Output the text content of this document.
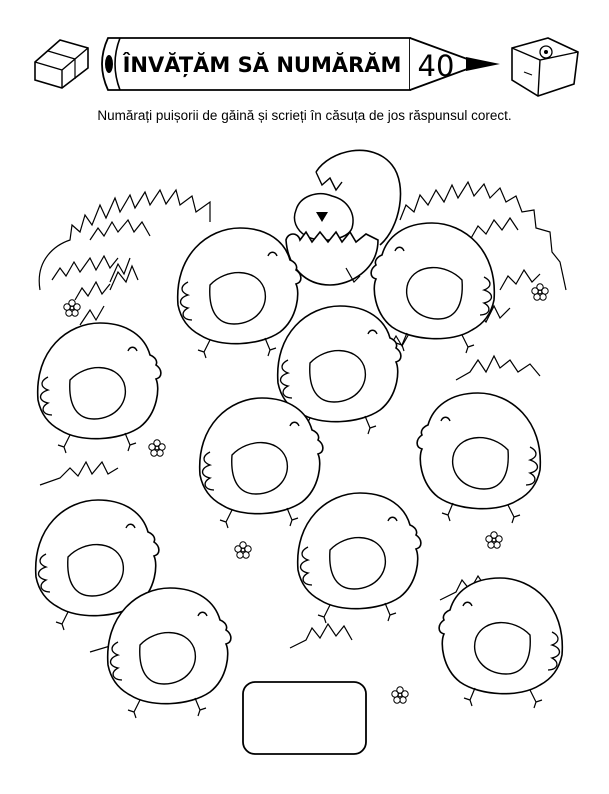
ÎNVĂȚĂM SĂ NUMĂRĂM 40
Numărați puișorii de găină și scrieți în căsuța de jos răspunsul corect.
